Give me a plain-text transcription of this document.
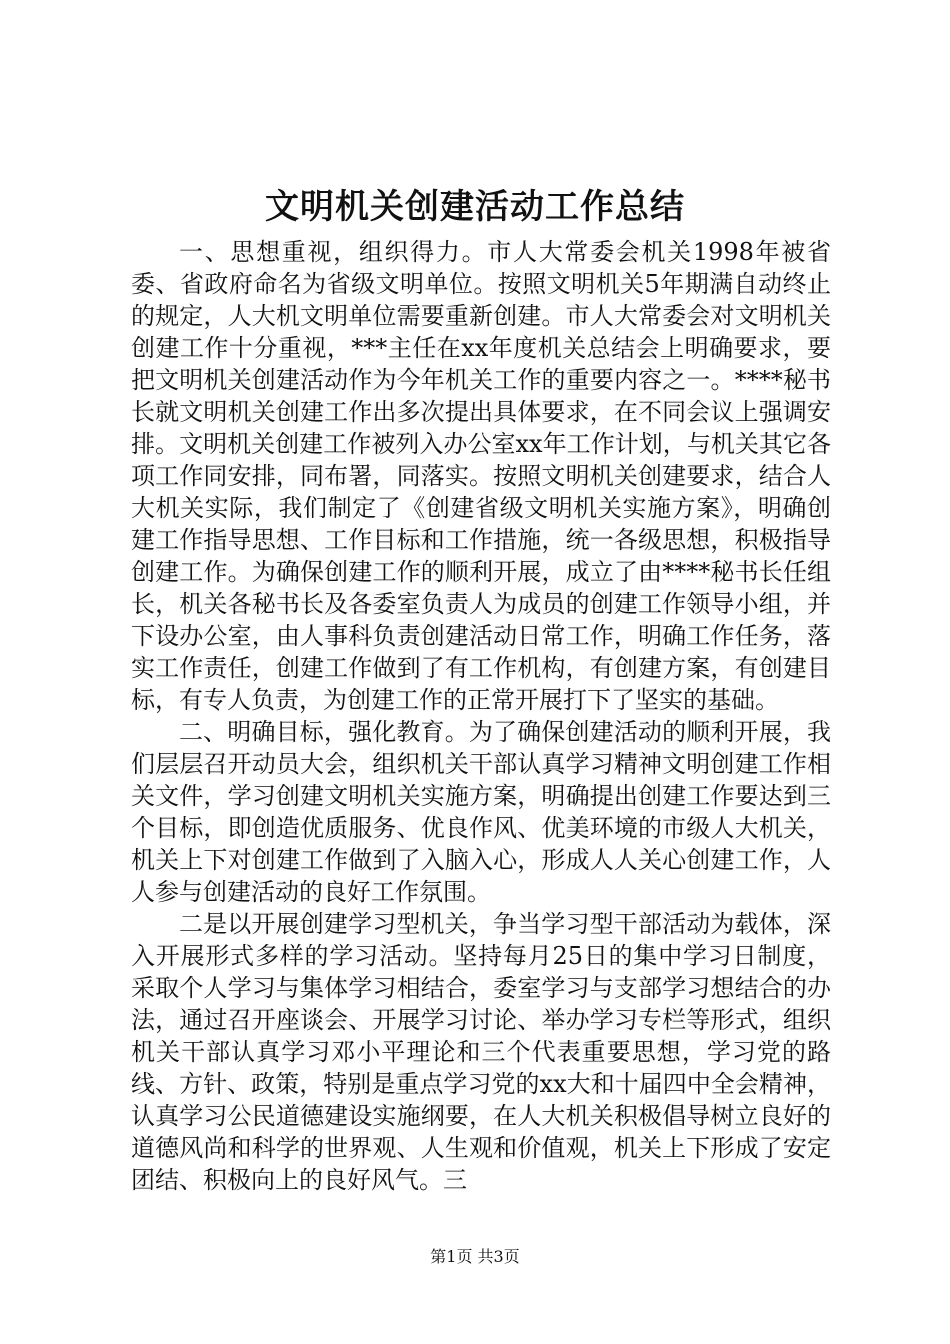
文明机关创建活动工作总结

一、思想重视，组织得力。市人大常委会机关1998年被省委、省政府命名为省级文明单位。按照文明机关5年期满自动终止的规定，人大机文明单位需要重新创建。市人大常委会对文明机关创建工作十分重视，***主任在xx年度机关总结会上明确要求，要把文明机关创建活动作为今年机关工作的重要内容之一。****秘书长就文明机关创建工作出多次提出具体要求，在不同会议上强调安排。文明机关创建工作被列入办公室xx年工作计划，与机关其它各项工作同安排，同布署，同落实。按照文明机关创建要求，结合人大机关实际，我们制定了《创建省级文明机关实施方案》，明确创建工作指导思想、工作目标和工作措施，统一各级思想，积极指导创建工作。为确保创建工作的顺利开展，成立了由****秘书长任组长，机关各秘书长及各委室负责人为成员的创建工作领导小组，并下设办公室，由人事科负责创建活动日常工作，明确工作任务，落实工作责任，创建工作做到了有工作机构，有创建方案，有创建目标，有专人负责，为创建工作的正常开展打下了坚实的基础。

二、明确目标，强化教育。为了确保创建活动的顺利开展，我们层层召开动员大会，组织机关干部认真学习精神文明创建工作相关文件，学习创建文明机关实施方案，明确提出创建工作要达到三个目标，即创造优质服务、优良作风、优美环境的市级人大机关，机关上下对创建工作做到了入脑入心，形成人人关心创建工作，人人参与创建活动的良好工作氛围。

二是以开展创建学习型机关，争当学习型干部活动为载体，深入开展形式多样的学习活动。坚持每月25日的集中学习日制度，采取个人学习与集体学习相结合，委室学习与支部学习想结合的办法，通过召开座谈会、开展学习讨论、举办学习专栏等形式，组织机关干部认真学习邓小平理论和三个代表重要思想，学习党的路线、方针、政策，特别是重点学习党的xx大和十届四中全会精神，认真学习公民道德建设实施纲要，在人大机关积极倡导树立良好的道德风尚和科学的世界观、人生观和价值观，机关上下形成了安定团结、积极向上的良好风气。三

第1页 共3页
